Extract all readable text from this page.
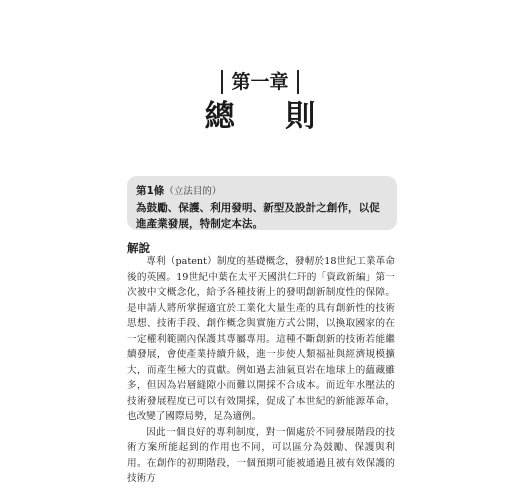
第一章
總 則
第1條（立法目的）
為鼓勵、保護、利用發明、新型及設計之創作，以促進產業發展，特制定本法。
解說

專利（patent）制度的基礎概念，發軔於18世紀工業革命後的英國。19世紀中葉在太平天國洪仁玕的「資政新編」第一次被中文概念化，給予各種技術上的發明創新制度性的保障。是申請人將所掌握適宜於工業化大量生產的具有創新性的技術思想、技術手段、創作概念與實施方式公開，以換取國家的在一定權利範圍內保護其專屬專用。這種不斷創新的技術若能繼續發展，會使產業持續升級，進一步使人類福祉與經濟規模擴大，而產生極大的貢獻。例如過去油氣頁岩在地球上的蘊藏雖多，但因為岩層縫隙小而難以開採不合成本。而近年水壓法的技術發展程度已可以有效開採，促成了本世紀的新能源革命，也改變了國際局勢，足為適例。

因此一個良好的專利制度，對一個處於不同發展階段的技術方案所能起到的作用也不同，可以區分為鼓勵、保護與利用。在創作的初期階段，一個預期可能被通過且被有效保護的技術方
